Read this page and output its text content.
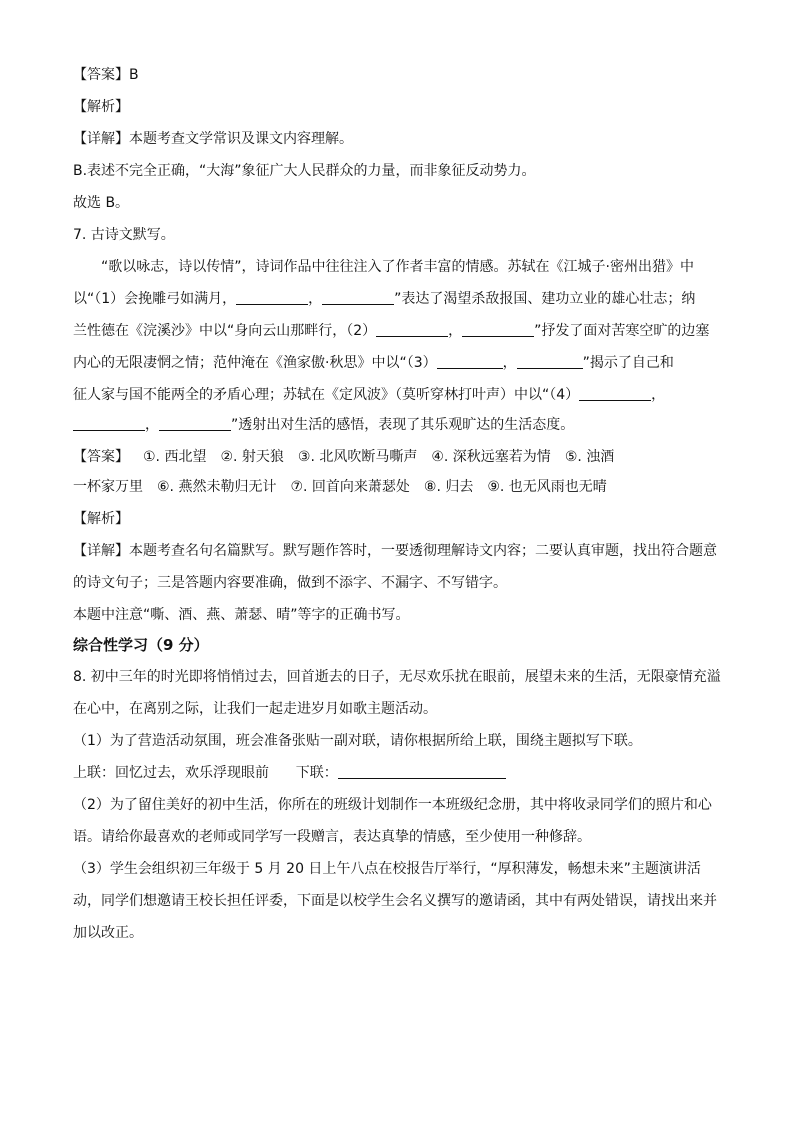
【答案】B
【解析】
【详解】本题考查文学常识及课文内容理解。
B.表述不完全正确，“大海”象征广大人民群众的力量，而非象征反动势力。
故选 B。
7. 古诗文默写。
“歌以咏志，诗以传情”，诗词作品中往往注入了作者丰富的情感。苏轼在《江城子·密州出猎》中
以“（1）会挽雕弓如满月，	，	”表达了渴望杀敌报国、建功立业的雄心壮志；纳
兰性德在《浣溪沙》中以“身向云山那畔行，（2）	，	”抒发了面对苦寒空旷的边塞
内心的无限凄惘之情；范仲淹在《渔家傲·秋思》中以“（3）	，	”揭示了自己和
征人家与国不能两全的矛盾心理；苏轼在《定风波》（莫听穿林打叶声）中以“（4）	，
，	”透射出对生活的感悟，表现了其乐观旷达的生活态度。
【答案】 ①. 西北望 ②. 射天狼 ③. 北风吹断马嘶声 ④. 深秋远塞若为情 ⑤. 浊酒
一杯家万里 ⑥. 燕然未勒归无计 ⑦. 回首向来萧瑟处 ⑧. 归去 ⑨. 也无风雨也无晴
【解析】
【详解】本题考查名句名篇默写。默写题作答时，一要透彻理解诗文内容；二要认真审题，找出符合题意
的诗文句子；三是答题内容要准确，做到不添字、不漏字、不写错字。
本题中注意“嘶、酒、燕、萧瑟、晴”等字的正确书写。
综合性学习（9 分）
8. 初中三年的时光即将悄悄过去，回首逝去的日子，无尽欢乐扰在眼前，展望未来的生活，无限豪情充溢
在心中，在离别之际，让我们一起走进岁月如歌主题活动。
（1）为了营造活动氛围，班会准备张贴一副对联，请你根据所给上联，围绕主题拟写下联。
上联：回忆过去，欢乐浮现眼前 下联：
（2）为了留住美好的初中生活，你所在的班级计划制作一本班级纪念册，其中将收录同学们的照片和心
语。请给你最喜欢的老师或同学写一段赠言，表达真挚的情感，至少使用一种修辞。
（3）学生会组织初三年级于 5 月 20 日上午八点在校报告厅举行，“厚积薄发，畅想未来”主题演讲活
动，同学们想邀请王校长担任评委，下面是以校学生会名义撰写的邀请函，其中有两处错误，请找出来并
加以改正。
